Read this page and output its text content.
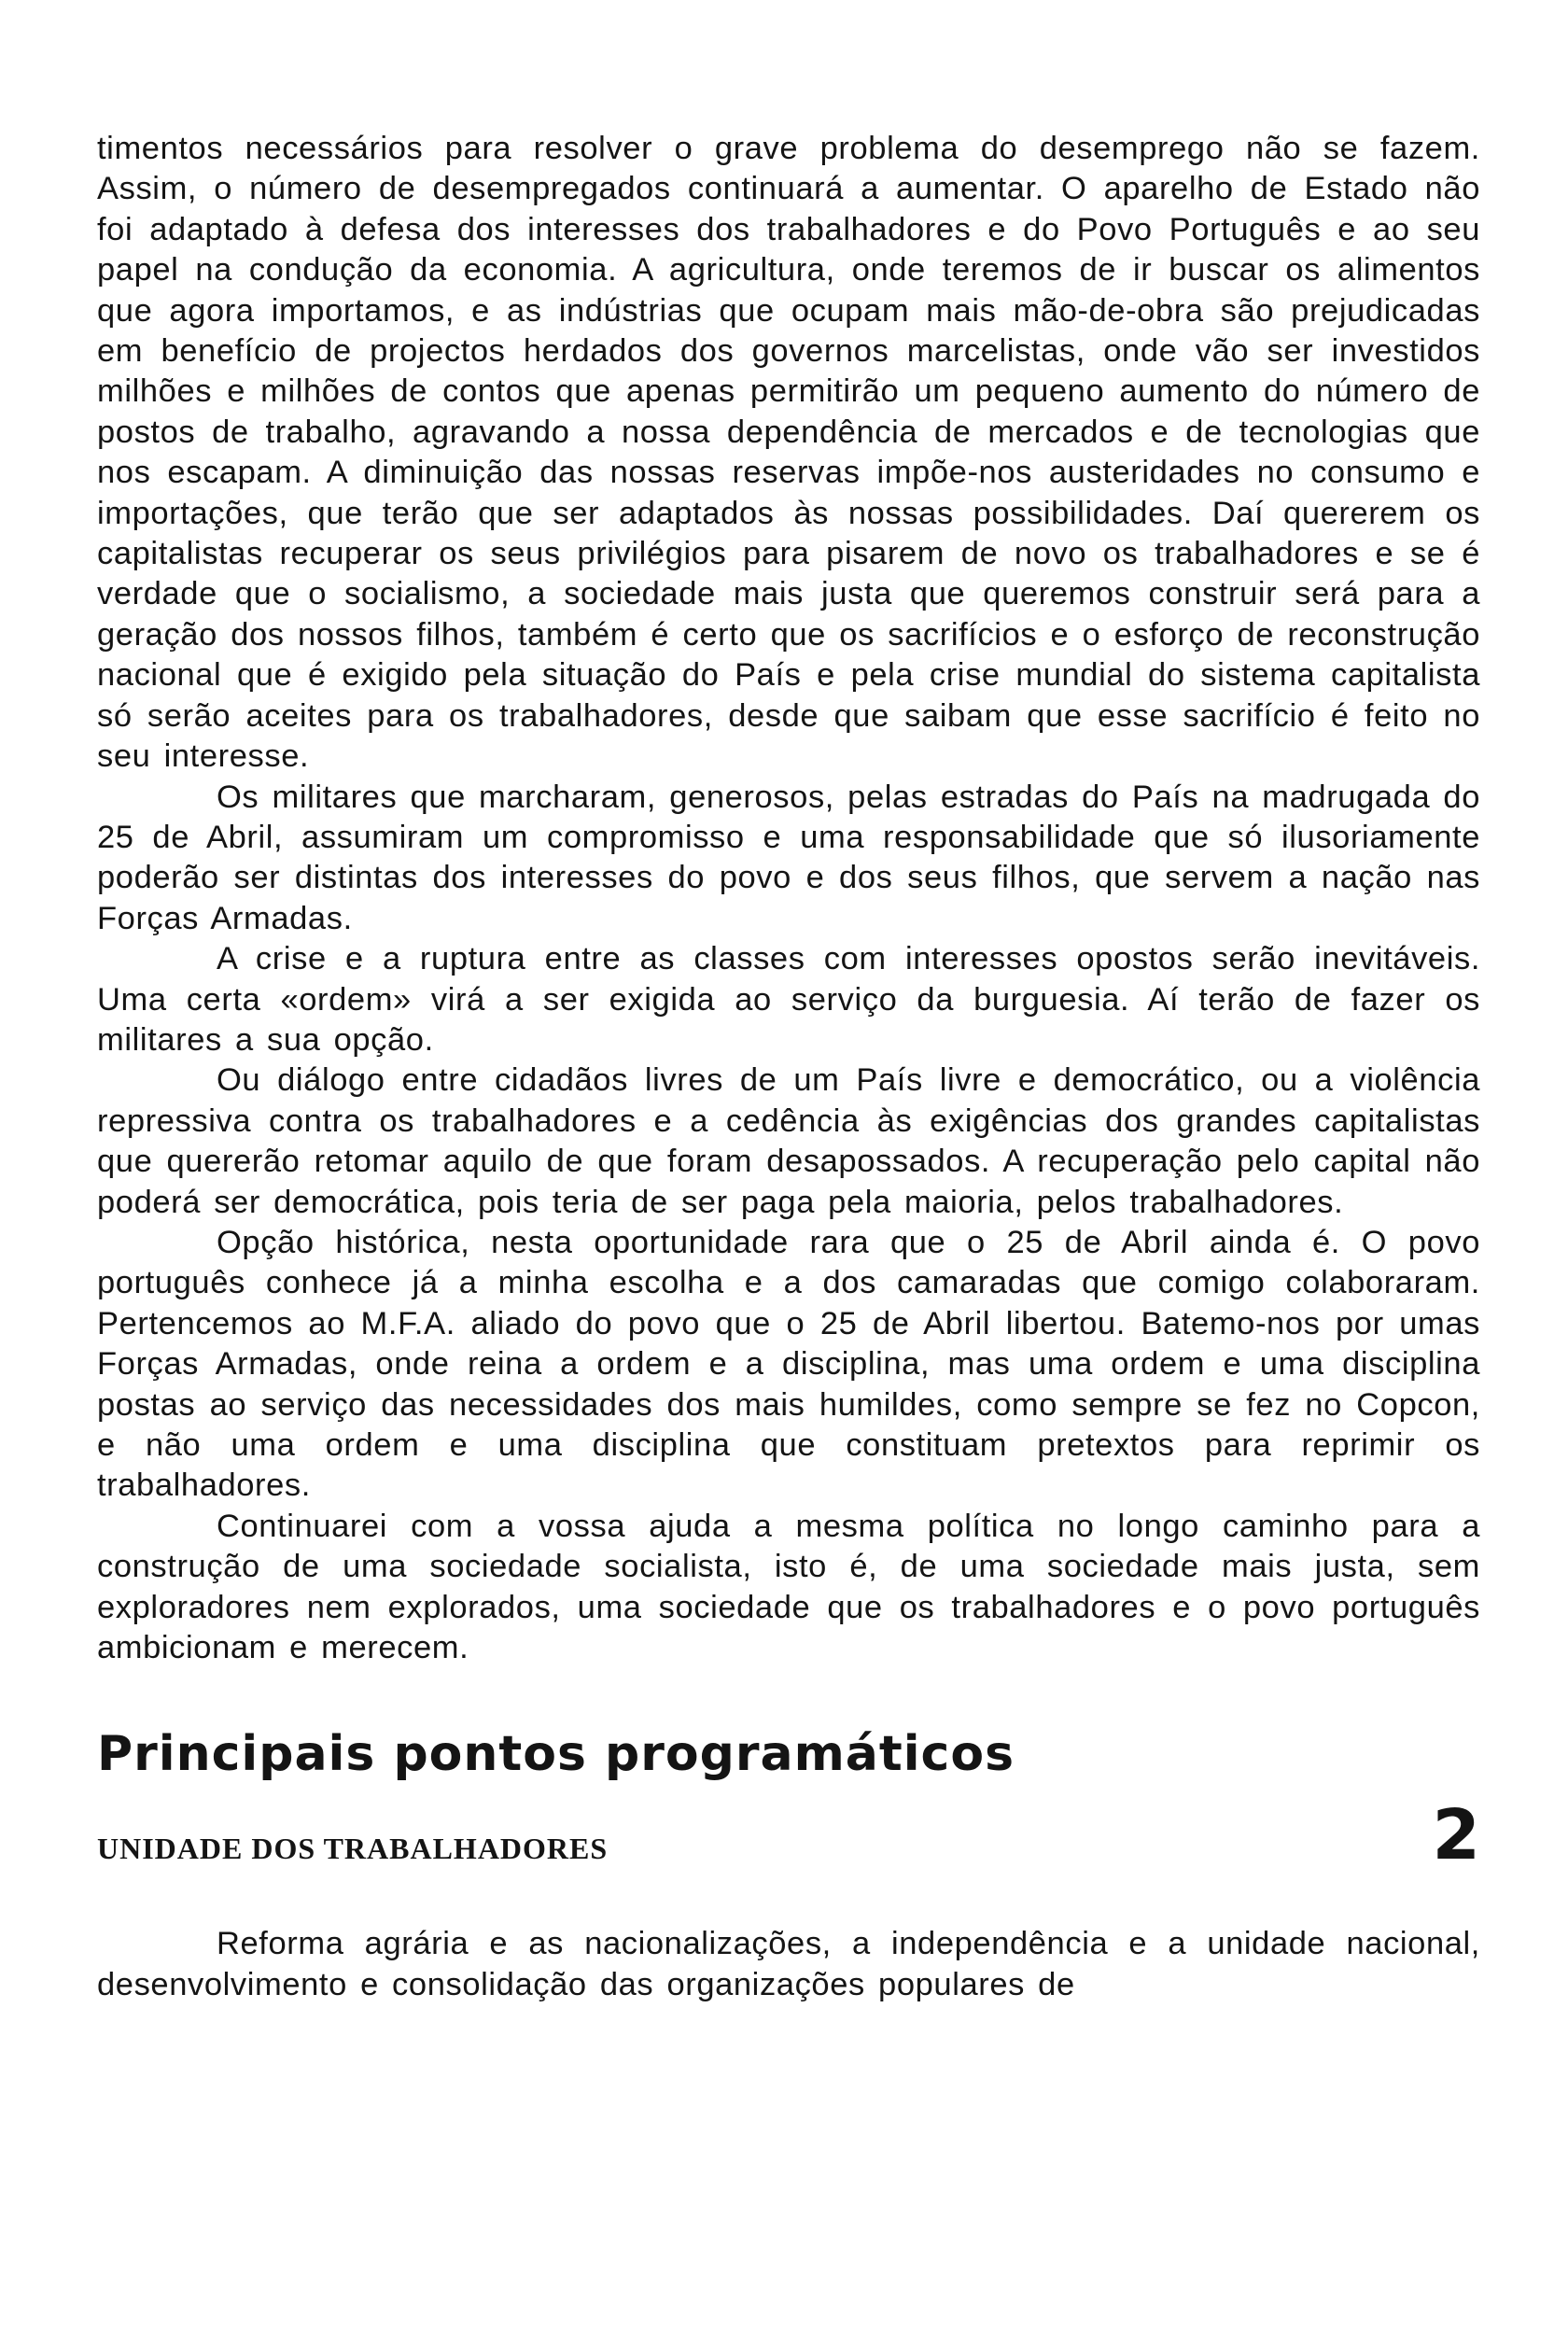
timentos necessários para resolver o grave problema do desemprego não se fazem. Assim, o número de desempregados continuará a aumentar. O aparelho de Estado não foi adaptado à defesa dos interesses dos trabalhadores e do Povo Português e ao seu papel na condução da economia. A agricultura, onde teremos de ir buscar os alimentos que agora importamos, e as indústrias que ocupam mais mão-de-obra são prejudicadas em benefício de projectos herdados dos governos marcelistas, onde vão ser investidos milhões e milhões de contos que apenas permitirão um pequeno aumento do número de postos de trabalho, agravando a nossa dependência de mercados e de tecnologias que nos escapam. A diminuição das nossas reservas impõe-nos austeridades no consumo e importações, que terão que ser adaptados às nossas possibilidades. Daí quererem os capitalistas recuperar os seus privilégios para pisarem de novo os trabalhadores e se é verdade que o socialismo, a sociedade mais justa que queremos construir será para a geração dos nossos filhos, também é certo que os sacrifícios e o esforço de reconstrução nacional que é exigido pela situação do País e pela crise mundial do sistema capitalista só serão aceites para os trabalhadores, desde que saibam que esse sacrifício é feito no seu interesse.

Os militares que marcharam, generosos, pelas estradas do País na madrugada do 25 de Abril, assumiram um compromisso e uma responsabilidade que só ilusoriamente poderão ser distintas dos interesses do povo e dos seus filhos, que servem a nação nas Forças Armadas.

A crise e a ruptura entre as classes com interesses opostos serão inevitáveis. Uma certa «ordem» virá a ser exigida ao serviço da burguesia. Aí terão de fazer os militares a sua opção.

Ou diálogo entre cidadãos livres de um País livre e democrático, ou a violência repressiva contra os trabalhadores e a cedência às exigências dos grandes capitalistas que quererão retomar aquilo de que foram desapossados. A recuperação pelo capital não poderá ser democrática, pois teria de ser paga pela maioria, pelos trabalhadores.

Opção histórica, nesta oportunidade rara que o 25 de Abril ainda é. O povo português conhece já a minha escolha e a dos camaradas que comigo colaboraram. Pertencemos ao M.F.A. aliado do povo que o 25 de Abril libertou. Batemo-nos por umas Forças Armadas, onde reina a ordem e a disciplina, mas uma ordem e uma disciplina postas ao serviço das necessidades dos mais humildes, como sempre se fez no Copcon, e não uma ordem e uma disciplina que constituam pretextos para reprimir os trabalhadores.

Continuarei com a vossa ajuda a mesma política no longo caminho para a construção de uma sociedade socialista, isto é, de uma sociedade mais justa, sem exploradores nem explorados, uma sociedade que os trabalhadores e o povo português ambicionam e merecem.

Principais pontos programáticos
UNIDADE DOS TRABALHADORES	2

Reforma agrária e as nacionalizações, a independência e a unidade nacional, desenvolvimento e consolidação das organizações populares de
